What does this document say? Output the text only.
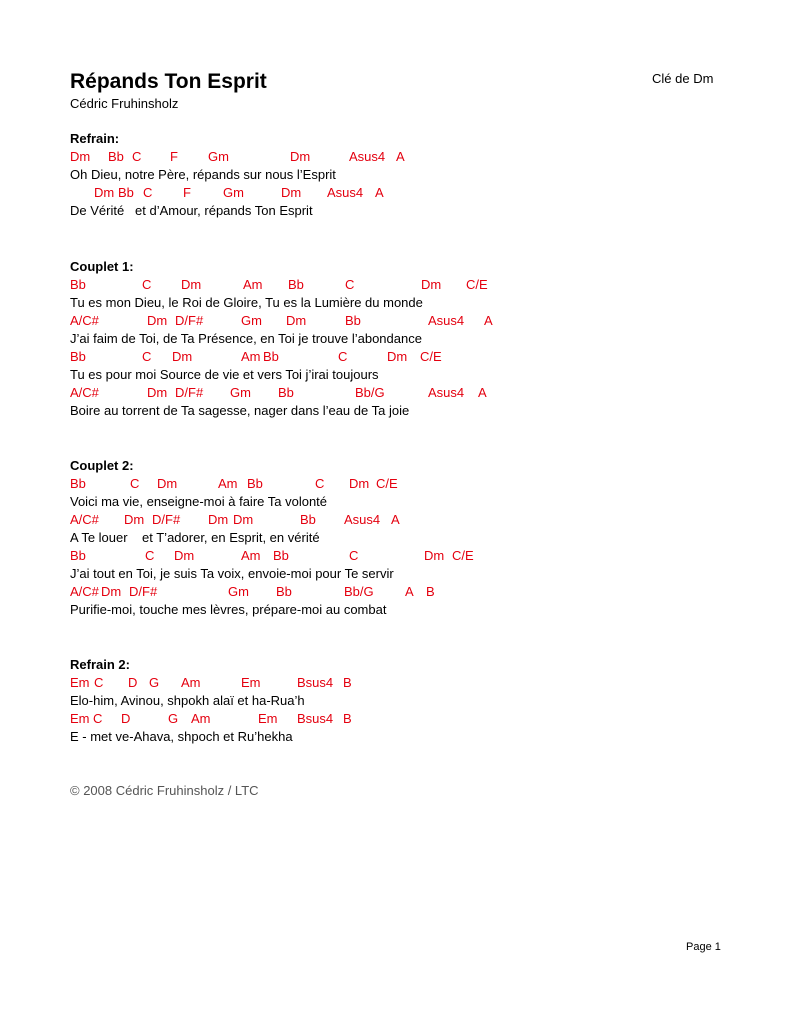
Répands Ton Esprit
Cédric Fruhinsholz
Clé de Dm
Refrain:
Dm Bb C F Gm	Dm	Asus4 A
Oh Dieu, notre Père, répands sur nous l’Esprit
Dm Bb C F Gm	Dm Asus4 A
De Vérité   et d’Amour, répands Ton Esprit
Couplet 1:
Bb	C Dm	Am Bb	C	Dm C/E
Tu es mon Dieu, le Roi de Gloire, Tu es la Lumière du monde
A/C#	Dm D/F#	Gm Dm	Bb	Asus4 A
J’ai faim de Toi, de Ta Présence, en Toi je trouve l’abondance
Bb	C Dm	Am Bb	C	Dm C/E
Tu es pour moi Source de vie et vers Toi j’irai toujours
A/C#	Dm D/F# Gm Bb	Bb/G	Asus4 A
Boire au torrent de Ta sagesse, nager dans l’eau de Ta joie
Couplet 2:
Bb	C Dm	Am Bb	C Dm C/E
Voici ma vie, enseigne-moi à faire Ta volonté
A/C# Dm D/F# Dm Dm	Bb Asus4 A
A Te louer    et T’adorer, en Esprit, en vérité
Bb	C Dm	Am Bb	C	Dm C/E
J’ai tout en Toi, je suis Ta voix, envoie-moi pour Te servir
A/C# Dm D/F#	Gm Bb	Bb/G A B
Purifie-moi, touche mes lèvres, prépare-moi au combat
Refrain 2:
Em C D G Am	Em	Bsus4 B
Elo-him, Avinou, shpokh alaï et ha-Rua’h
Em C D	G Am	Em Bsus4 B
E - met ve-Ahava, shpoch et Ru’hekha
© 2008 Cédric Fruhinsholz / LTC
Page 1
